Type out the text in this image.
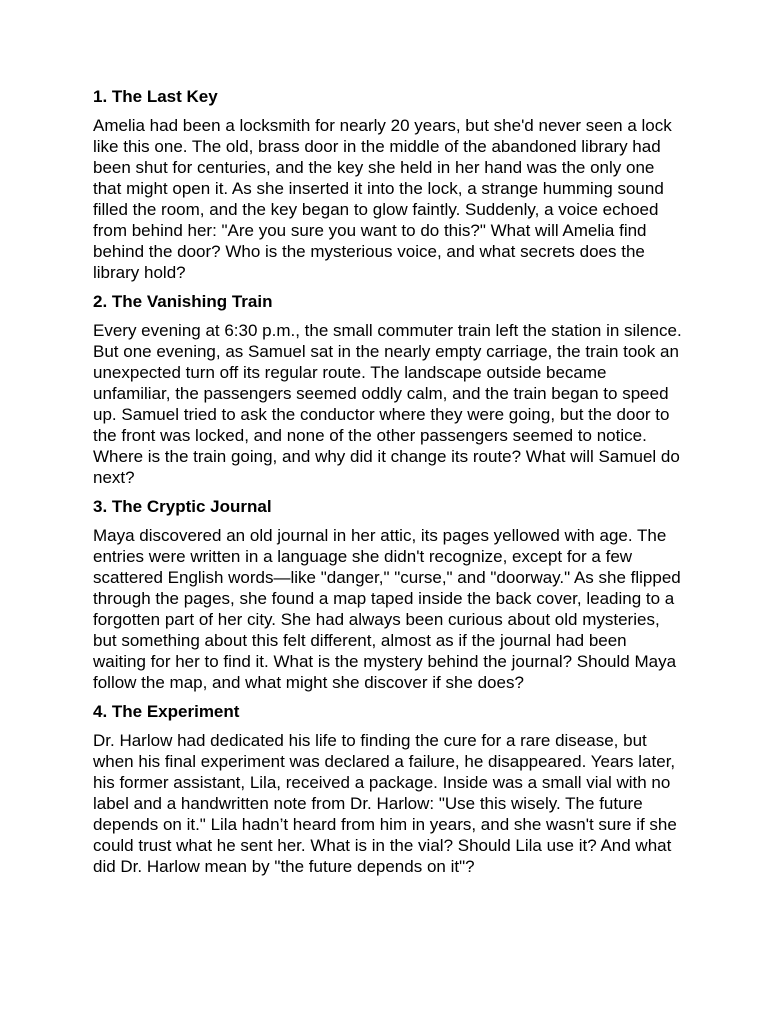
1. The Last Key

Amelia had been a locksmith for nearly 20 years, but she'd never seen a lock like this one. The old, brass door in the middle of the abandoned library had been shut for centuries, and the key she held in her hand was the only one that might open it. As she inserted it into the lock, a strange humming sound filled the room, and the key began to glow faintly. Suddenly, a voice echoed from behind her: "Are you sure you want to do this?" What will Amelia find behind the door? Who is the mysterious voice, and what secrets does the library hold?

2. The Vanishing Train

Every evening at 6:30 p.m., the small commuter train left the station in silence. But one evening, as Samuel sat in the nearly empty carriage, the train took an unexpected turn off its regular route. The landscape outside became unfamiliar, the passengers seemed oddly calm, and the train began to speed up. Samuel tried to ask the conductor where they were going, but the door to the front was locked, and none of the other passengers seemed to notice. Where is the train going, and why did it change its route? What will Samuel do next?

3. The Cryptic Journal

Maya discovered an old journal in her attic, its pages yellowed with age. The entries were written in a language she didn't recognize, except for a few scattered English words—like "danger," "curse," and "doorway." As she flipped through the pages, she found a map taped inside the back cover, leading to a forgotten part of her city. She had always been curious about old mysteries, but something about this felt different, almost as if the journal had been waiting for her to find it. What is the mystery behind the journal? Should Maya follow the map, and what might she discover if she does?

4. The Experiment

Dr. Harlow had dedicated his life to finding the cure for a rare disease, but when his final experiment was declared a failure, he disappeared. Years later, his former assistant, Lila, received a package. Inside was a small vial with no label and a handwritten note from Dr. Harlow: "Use this wisely. The future depends on it." Lila hadn’t heard from him in years, and she wasn't sure if she could trust what he sent her. What is in the vial? Should Lila use it? And what did Dr. Harlow mean by "the future depends on it"?
